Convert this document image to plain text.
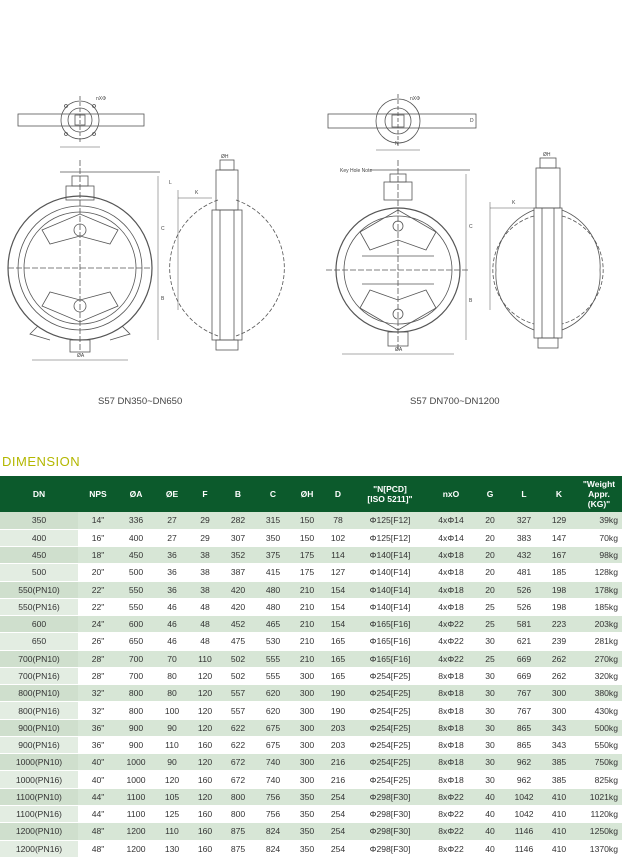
ØA
C
B
ØH
K
L
nXΦ
ØA
C
B
ØH
K
D
N
nXΦ
Key Hole Note
S57 DN350~DN650	S57 DN700~DN1200
DIMENSION
DN	NPS	ØA	ØE	F	B	C	ØH	D	"N[PCD]
[ISO 5211]"	nxO	G	L	K	"Weight
Appr.(KG)"
350	14"	336	27	29	282	315	150	78	Φ125[F12]	4xΦ14	20	327	129	39kg
400	16"	400	27	29	307	350	150	102	Φ125[F12]	4xΦ14	20	383	147	70kg
450	18"	450	36	38	352	375	175	114	Φ140[F14]	4xΦ18	20	432	167	98kg
500	20"	500	36	38	387	415	175	127	Φ140[F14]	4xΦ18	20	481	185	128kg
550(PN10)	22"	550	36	38	420	480	210	154	Φ140[F14]	4xΦ18	20	526	198	178kg
550(PN16)	22"	550	46	48	420	480	210	154	Φ140[F14]	4xΦ18	25	526	198	185kg
600	24"	600	46	48	452	465	210	154	Φ165[F16]	4xΦ22	25	581	223	203kg
650	26"	650	46	48	475	530	210	165	Φ165[F16]	4xΦ22	30	621	239	281kg
700(PN10)	28"	700	70	110	502	555	210	165	Φ165[F16]	4xΦ22	25	669	262	270kg
700(PN16)	28"	700	80	120	502	555	300	165	Φ254[F25]	8xΦ18	30	669	262	320kg
800(PN10)	32"	800	80	120	557	620	300	190	Φ254[F25]	8xΦ18	30	767	300	380kg
800(PN16)	32"	800	100	120	557	620	300	190	Φ254[F25]	8xΦ18	30	767	300	430kg
900(PN10)	36"	900	90	120	622	675	300	203	Φ254[F25]	8xΦ18	30	865	343	500kg
900(PN16)	36"	900	110	160	622	675	300	203	Φ254[F25]	8xΦ18	30	865	343	550kg
1000(PN10)	40"	1000	90	120	672	740	300	216	Φ254[F25]	8xΦ18	30	962	385	750kg
1000(PN16)	40"	1000	120	160	672	740	300	216	Φ254[F25]	8xΦ18	30	962	385	825kg
1100(PN10)	44"	1100	105	120	800	756	350	254	Φ298[F30]	8xΦ22	40	1042	410	1021kg
1100(PN16)	44"	1100	125	160	800	756	350	254	Φ298[F30]	8xΦ22	40	1042	410	1120kg
1200(PN10)	48"	1200	110	160	875	824	350	254	Φ298[F30]	8xΦ22	40	1146	410	1250kg
1200(PN16)	48"	1200	130	160	875	824	350	254	Φ298[F30]	8xΦ22	40	1146	410	1370kg
